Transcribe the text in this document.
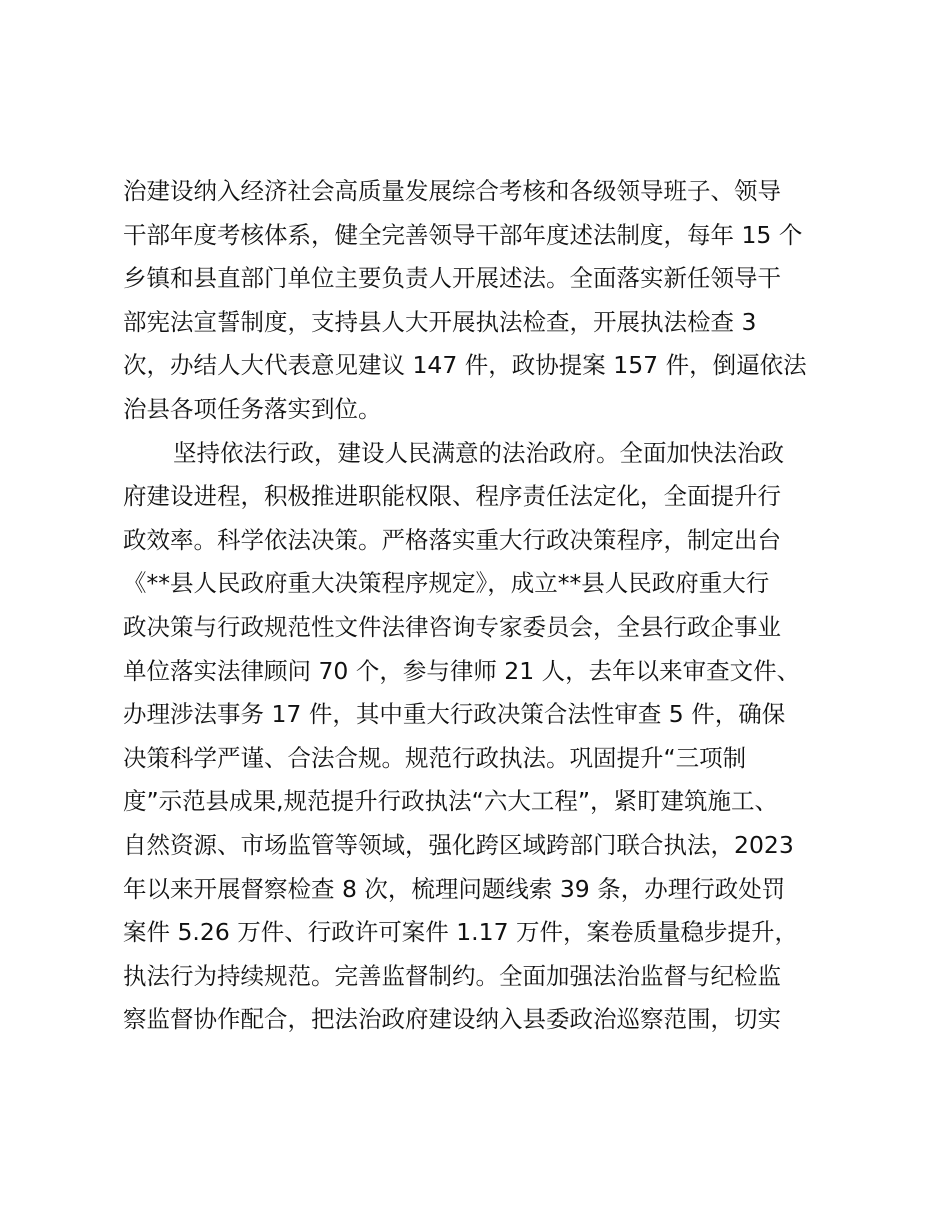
治建设纳入经济社会高质量发展综合考核和各级领导班子、领导
干部年度考核体系，健全完善领导干部年度述法制度，每年 15 个
乡镇和县直部门单位主要负责人开展述法。全面落实新任领导干
部宪法宣誓制度，支持县人大开展执法检查，开展执法检查 3
次，办结人大代表意见建议 147 件，政协提案 157 件，倒逼依法
治县各项任务落实到位。
坚持依法行政，建设人民满意的法治政府。全面加快法治政
府建设进程，积极推进职能权限、程序责任法定化，全面提升行
政效率。科学依法决策。严格落实重大行政决策程序，制定出台
《**县人民政府重大决策程序规定》，成立**县人民政府重大行
政决策与行政规范性文件法律咨询专家委员会，全县行政企事业
单位落实法律顾问 70 个，参与律师 21 人，去年以来审查文件、
办理涉法事务 17 件，其中重大行政决策合法性审查 5 件，确保
决策科学严谨、合法合规。规范行政执法。巩固提升“三项制
度”示范县成果,规范提升行政执法“六大工程”，紧盯建筑施工、
自然资源、市场监管等领域，强化跨区域跨部门联合执法，2023
年以来开展督察检查 8 次，梳理问题线索 39 条，办理行政处罚
案件 5.26 万件、行政许可案件 1.17 万件，案卷质量稳步提升，
执法行为持续规范。完善监督制约。全面加强法治监督与纪检监
察监督协作配合，把法治政府建设纳入县委政治巡察范围，切实
